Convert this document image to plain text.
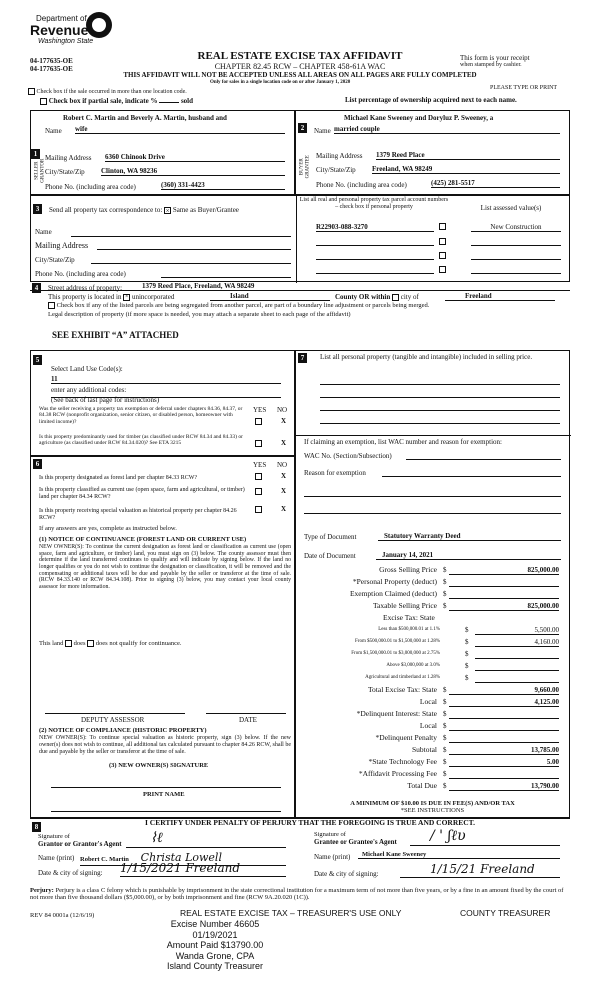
Department of
Revenue
Washington State
04-177635-OE
04-177635-OE
REAL ESTATE EXCISE TAX AFFIDAVIT
CHAPTER 82.45 RCW – CHAPTER 458-61A WAC
This form is your receipt
when stamped by cashier.
THIS AFFIDAVIT WILL NOT BE ACCEPTED UNLESS ALL AREAS ON ALL PAGES ARE FULLY COMPLETED
Only for sales in a single location code on or after January 1, 2020
PLEASE TYPE OR PRINT
Check box if the sale occurred in more than one location code.
Check box if partial sale, indicate %	sold	List percentage of ownership acquired next to each name.
1
SELLER GRANTOR
Robert C. Martin and Beverly A. Martin, husband and
Name wife
Mailing Address 6360 Chinook Drive
City/State/Zip Clinton, WA 98236
Phone No. (including area code)	(360) 331-4423
2
BUYER GRANTEE
Michael Kane Sweeney and Doryluz P. Sweeney, a
Name married couple
Mailing Address 1379 Reed Place
City/State/Zip Freeland, WA 98249
Phone No. (including area code)	(425) 281-5517
3	Send all property tax correspondence to: × Same as Buyer/Grantee
Name
Mailing Address
City/State/Zip
Phone No. (including area code)
List all real and personal property tax parcel account numbers – check box if personal property	List assessed value(s)
R22903-088-3270	New Construction
4	Street address of property:	1379 Reed Place, Freeland, WA 98249
This property is located in × unincorporated	Island	County OR within city of	Freeland
Check box if any of the listed parcels are being segregated from another parcel, are part of a boundary line adjustment or parcels being merged.
Legal description of property (if more space is needed, you may attach a separate sheet to each page of the affidavit)
SEE EXHIBIT “A” ATTACHED
5
Select Land Use Code(s):
11
enter any additional codes:
(See back of last page for instructions)
YES NO
Was the seller receiving a property tax exemption or deferral under chapters 84.36, 84.37, or 84.38 RCW (nonprofit organization, senior citizen, or disabled person, homeowner with limited income)?	X
Is this property predominantly used for timber (as classified under RCW 84.34 and 84.33) or agriculture (as classified under RCW 84.34.020)? See ETA 3215	X
6	YES NO
Is this property designated as forest land per chapter 84.33 RCW?	X
Is this property classified as current use (open space, farm and agricultural, or timber) land per chapter 84.34 RCW?
X
Is this property receiving special valuation as historical property per chapter 84.26 RCW?
X
If any answers are yes, complete as instructed below.
(1) NOTICE OF CONTINUANCE (FOREST LAND OR CURRENT USE)
NEW OWNER(S): To continue the current designation as forest land or classification as current use (open space, farm and agriculture, or timber) land, you must sign on (3) below. The county assessor must then determine if the land transferred continues to qualify and will indicate by signing below. If the land no longer qualifies or you do not wish to continue the designation or classification, it will be removed and the compensating or additional taxes will be due and payable by the seller or transferor at the time of sale. (RCW 84.33.140 or RCW 84.34.108). Prior to signing (3) below, you may contact your local county assessor for more information.
This land does does not qualify for continuance.
DEPUTY ASSESSOR	DATE
(2) NOTICE OF COMPLIANCE (HISTORIC PROPERTY)
NEW OWNER(S): To continue special valuation as historic property, sign (3) below. If the new owner(s) does not wish to continue, all additional tax calculated pursuant to chapter 84.26 RCW, shall be due and payable by the seller or transferor at the time of sale.
(3) NEW OWNER(S) SIGNATURE
PRINT NAME
7	List all personal property (tangible and intangible) included in selling price.
If claiming an exemption, list WAC number and reason for exemption:
WAC No. (Section/Subsection)
Reason for exemption
Type of Document	Statutory Warranty Deed
Date of Document	January 14, 2021
Gross Selling Price $	825,000.00
*Personal Property (deduct) $
Exemption Claimed (deduct) $
Taxable Selling Price $	825,000.00
Excise Tax: State
Less than $500,000.01 at 1.1%	$	5,500.00
From $500,000.01 to $1,500,000 at 1.28%	$	4,160.00
From $1,500,000.01 to $3,000,000 at 2.75%	$
Above $3,000,000 at 3.0%	$
Agricultural and timberland at 1.28%	$
Total Excise Tax: State $	9,660.00
Local $	4,125.00
*Delinquent Interest: State $
Local $
*Delinquent Penalty $
Subtotal $	13,785.00
*State Technology Fee $	5.00
*Affidavit Processing Fee $
Total Due $	13,790.00
A MINIMUM OF $10.00 IS DUE IN FEE(S) AND/OR TAX
*SEE INSTRUCTIONS
8	I CERTIFY UNDER PENALTY OF PERJURY THAT THE FOREGOING IS TRUE AND CORRECT.
Signature of
Grantor or Grantor's Agent ⌇ℓ
Name (print) Robert C. Martin Christa Lowell
Date & city of signing: 1/15/2021 Freeland
Signature of
Grantee or Grantee's Agent / ' ʃℓυ
Name (print)	Michael Kane Sweeney
Date & city of signing:	1/15/21 Freeland
Perjury: Perjury is a class C felony which is punishable by imprisonment in the state correctional institution for a maximum term of not more than five years, or by a fine in an amount fixed by the court of not more than five thousand dollars ($5,000.00), or by both imprisonment and fine (RCW 9A.20.020 (1C)).
REV 84 0001a (12/6/19)	REAL ESTATE EXCISE TAX – TREASURER'S USE ONLY	COUNTY TREASURER
Excise Number 46605
01/19/2021
Amount Paid $13790.00
Wanda Grone, CPA
Island County Treasurer
